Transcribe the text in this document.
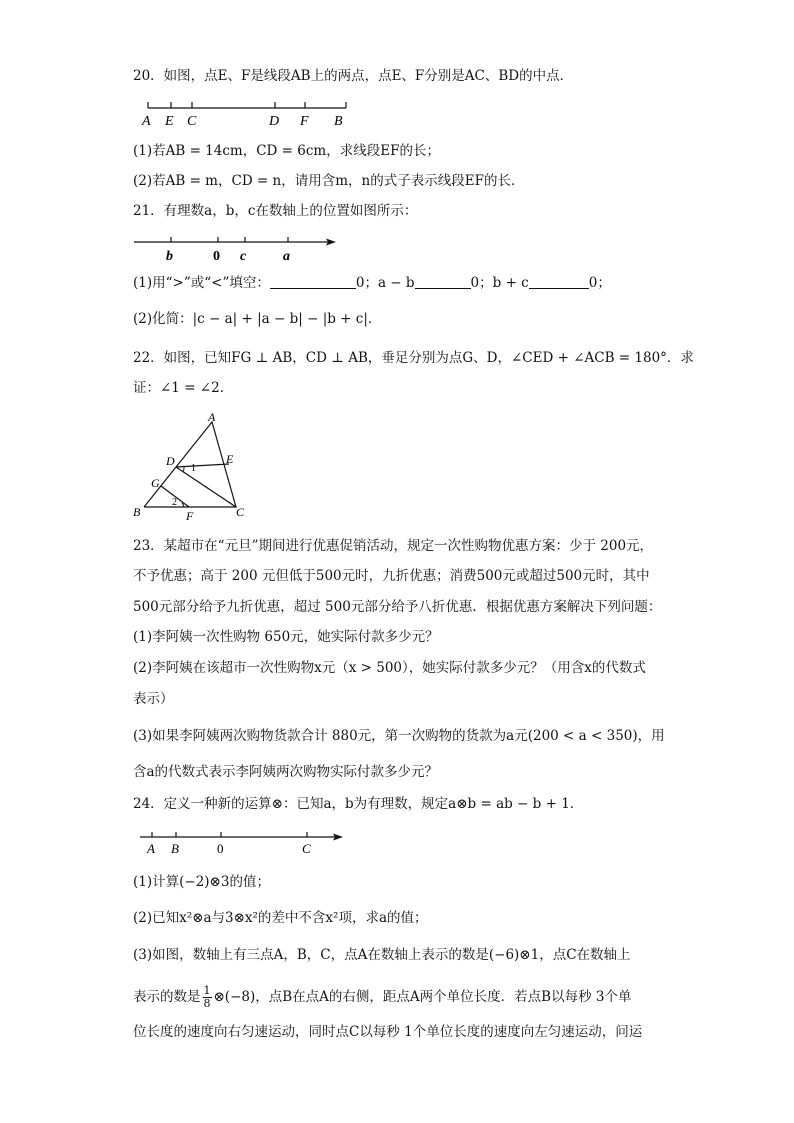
20．如图，点E、F是线段AB上的两点，点E、F分别是AC、BD的中点．
A E C	D F B
(1)若AB = 14cm，CD = 6cm，求线段EF的长；
(2)若AB = m，CD = n，请用含m，n的式子表示线段EF的长．
21．有理数a，b，c在数轴上的位置如图所示：
b	0 c	a
(1)用“>”或“<”填空：	0；a − b	0；b + c	0；
(2)化简：|c − a| + |a − b| − |b + c|．
22．如图，已知FG ⊥ AB，CD ⊥ AB，垂足分别为点G、D，∠CED + ∠ACB = 180°．求
证：∠1 = ∠2．
A
B	C
D	E
F
G
1
2
23．某超市在“元旦”期间进行优惠促销活动，规定一次性购物优惠方案：少于 200元，
不予优惠；高于 200 元但低于500元时，九折优惠；消费500元或超过500元时，其中
500元部分给予九折优惠，超过 500元部分给予八折优惠．根据优惠方案解决下列问题：
(1)李阿姨一次性购物 650元，她实际付款多少元？
(2)李阿姨在该超市一次性购物x元（x > 500），她实际付款多少元？（用含x的代数式
表示）
(3)如果李阿姨两次购物货款合计 880元，第一次购物的货款为a元(200 < a < 350)，用
含a的代数式表示李阿姨两次购物实际付款多少元？
24．定义一种新的运算⊗：已知a，b为有理数，规定a⊗b = ab − b + 1．
A B	0	C
(1)计算(−2)⊗3的值；
(2)已知x²⊗a与3⊗x²的差中不含x²项，求a的值；
(3)如图，数轴上有三点A，B，C，点A在数轴上表示的数是(−6)⊗1，点C在数轴上
表示的数是 $\frac{1}{8}$ ⊗(−8)，点B在点A的右侧，距点A两个单位长度．若点B以每秒 3个单
位长度的速度向右匀速运动，同时点C以每秒 1个单位长度的速度向左匀速运动，问运
